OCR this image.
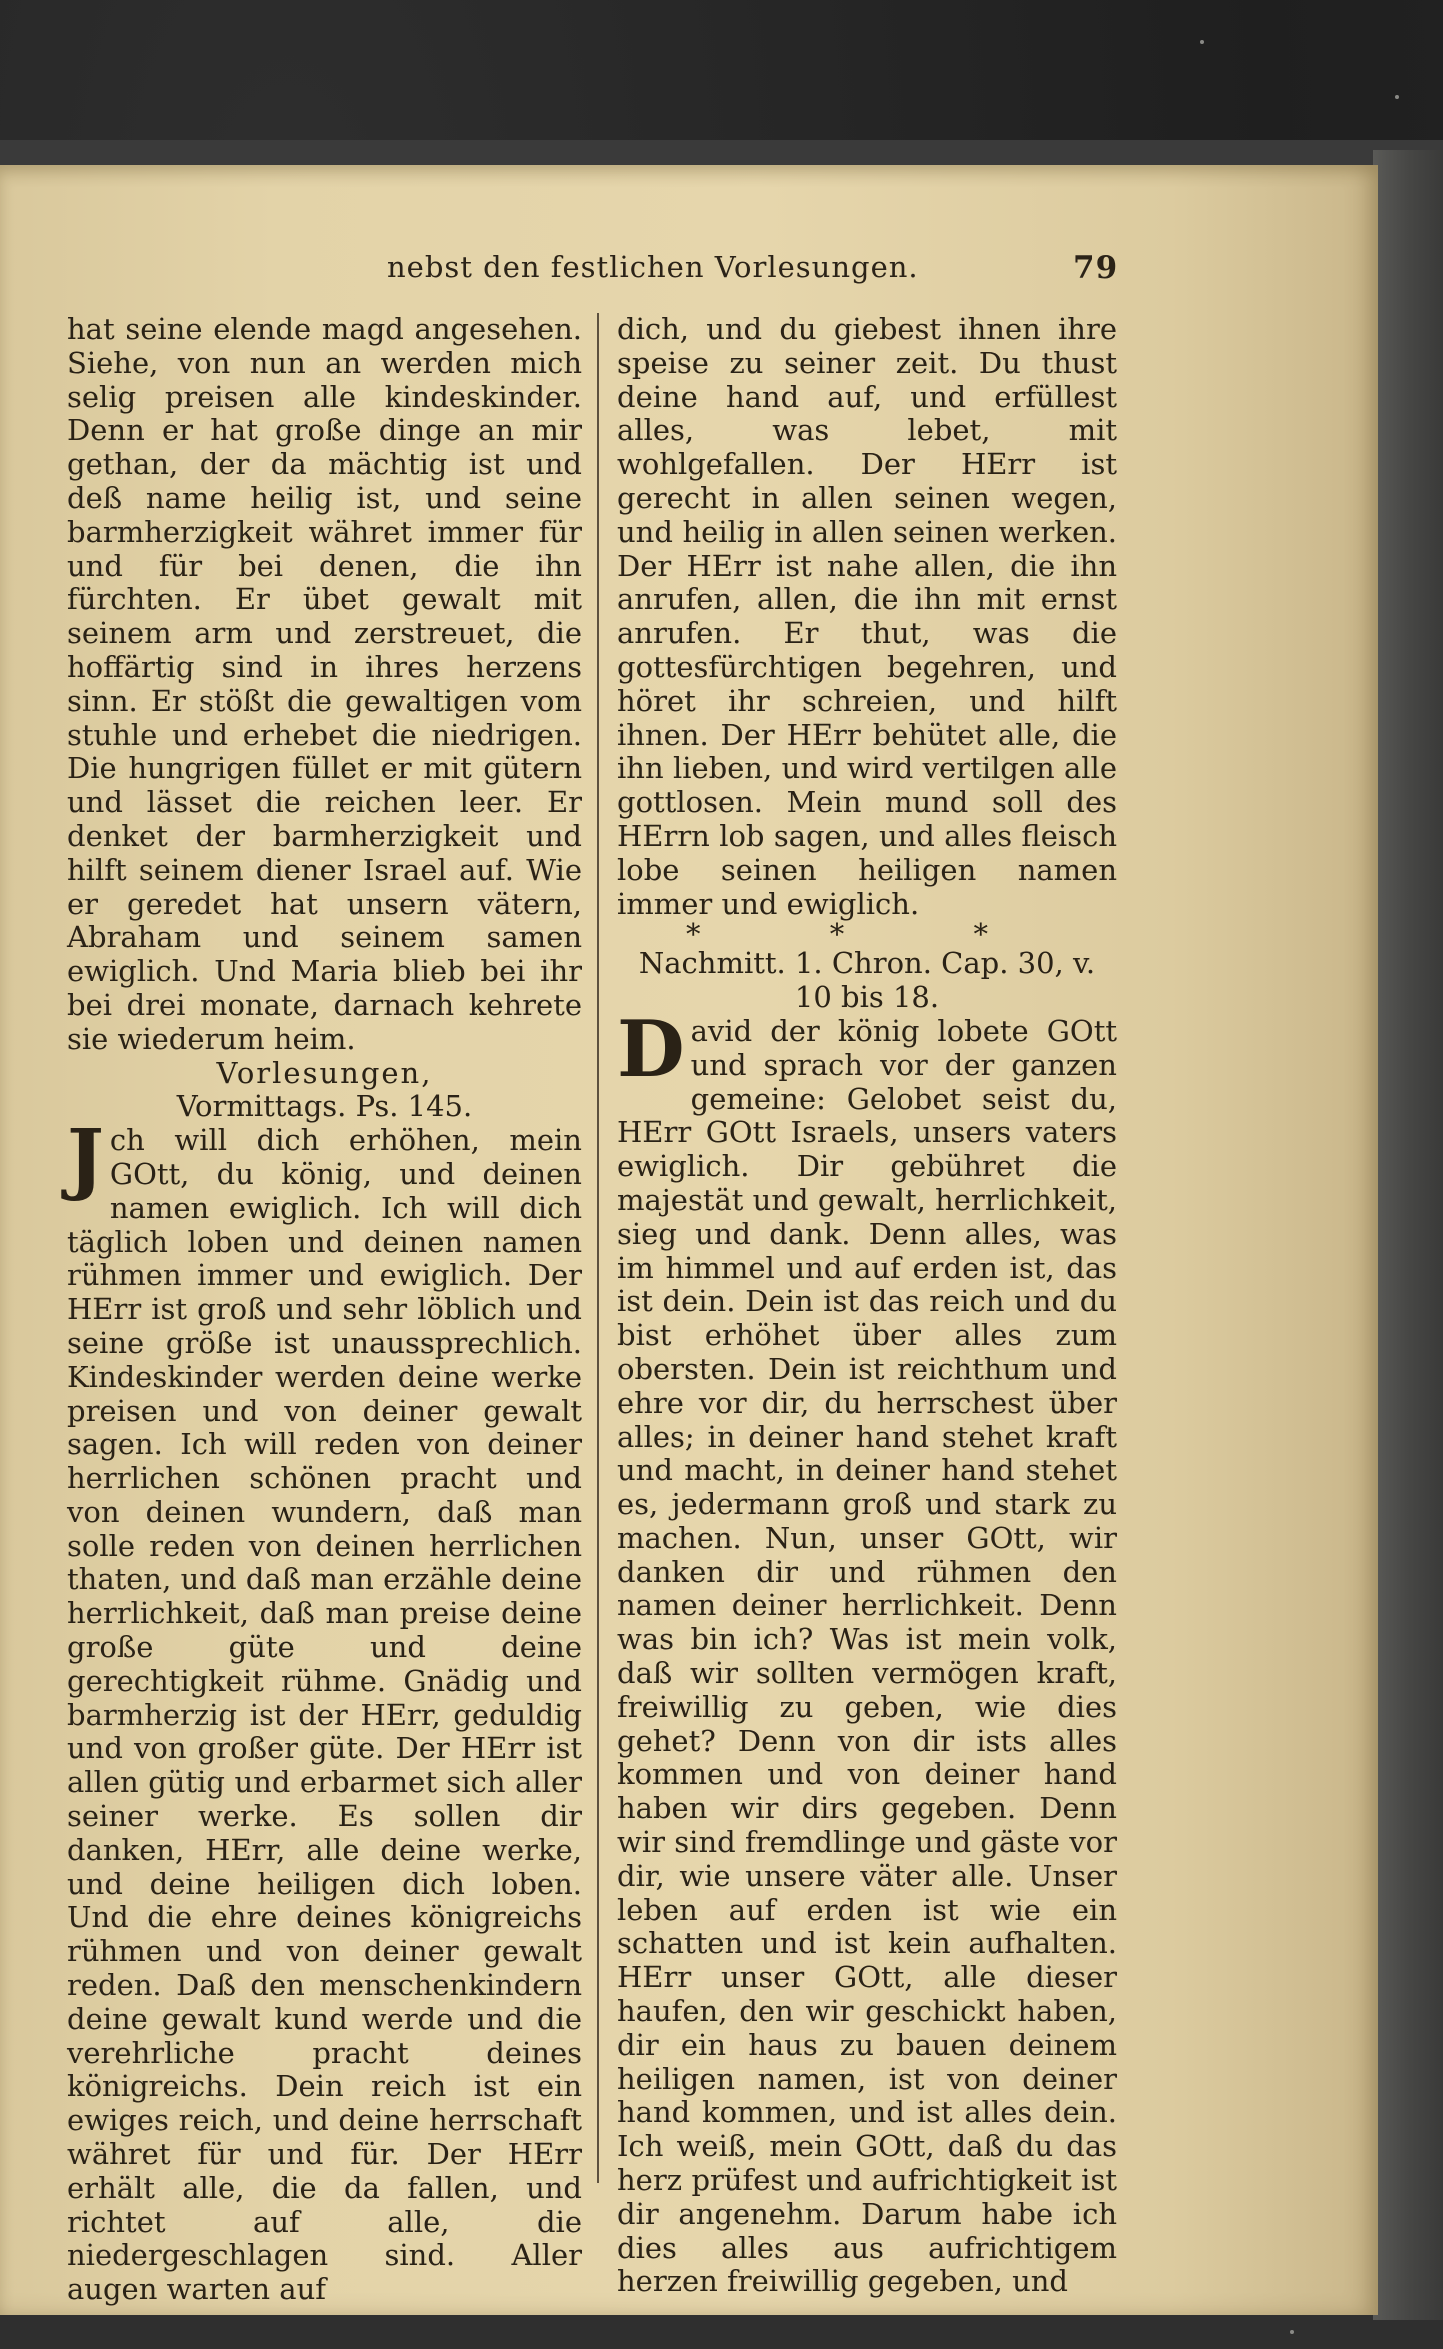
nebst den festlichen Vorlesungen.	79

hat seine elende magd angesehen. Siehe, von nun an werden mich selig preisen alle kindeskinder. Denn er hat große dinge an mir gethan, der da mächtig ist und deß name heilig ist, und seine barmherzigkeit währet immer für und für bei denen, die ihn fürchten. Er übet gewalt mit seinem arm und zerstreuet, die hoffärtig sind in ihres herzens sinn. Er stößt die gewaltigen vom stuhle und erhebet die niedrigen. Die hungrigen füllet er mit gütern und lässet die reichen leer. Er denket der barmherzigkeit und hilft seinem diener Israel auf. Wie er geredet hat unsern vätern, Abraham und seinem samen ewiglich. Und Maria blieb bei ihr bei drei monate, darnach kehrete sie wiederum heim.

Vorlesungen,

Vormittags. Ps. 145.

Jch will dich erhöhen, mein GOtt, du könig, und deinen namen ewiglich. Ich will dich täglich loben und deinen namen rühmen immer und ewiglich. Der HErr ist groß und sehr löblich und seine größe ist unaussprechlich. Kindeskinder werden deine werke preisen und von deiner gewalt sagen. Ich will reden von deiner herrlichen schönen pracht und von deinen wundern, daß man solle reden von deinen herrlichen thaten, und daß man erzähle deine herrlichkeit, daß man preise deine große güte und deine gerechtigkeit rühme. Gnädig und barmherzig ist der HErr, geduldig und von großer güte. Der HErr ist allen gütig und erbarmet sich aller seiner werke. Es sollen dir danken, HErr, alle deine werke, und deine heiligen dich loben. Und die ehre deines königreichs rühmen und von deiner gewalt reden. Daß den menschenkindern deine gewalt kund werde und die verehrliche pracht deines königreichs. Dein reich ist ein ewiges reich, und deine herrschaft währet für und für. Der HErr erhält alle, die da fallen, und richtet auf alle, die niedergeschlagen sind. Aller augen warten auf

dich, und du giebest ihnen ihre speise zu seiner zeit. Du thust deine hand auf, und erfüllest alles, was lebet, mit wohlgefallen. Der HErr ist gerecht in allen seinen wegen, und heilig in allen seinen werken. Der HErr ist nahe allen, die ihn anrufen, allen, die ihn mit ernst anrufen. Er thut, was die gottesfürchtigen begehren, und höret ihr schreien, und hilft ihnen. Der HErr behütet alle, die ihn lieben, und wird vertilgen alle gottlosen. Mein mund soll des HErrn lob sagen, und alles fleisch lobe seinen heiligen namen immer und ewiglich.

* * *

Nachmitt. 1. Chron. Cap. 30, v. 10 bis 18.

David der könig lobete GOtt und sprach vor der ganzen gemeine: Gelobet seist du, HErr GOtt Israels, unsers vaters ewiglich. Dir gebühret die majestät und gewalt, herrlichkeit, sieg und dank. Denn alles, was im himmel und auf erden ist, das ist dein. Dein ist das reich und du bist erhöhet über alles zum obersten. Dein ist reichthum und ehre vor dir, du herrschest über alles; in deiner hand stehet kraft und macht, in deiner hand stehet es, jedermann groß und stark zu machen. Nun, unser GOtt, wir danken dir und rühmen den namen deiner herrlichkeit. Denn was bin ich? Was ist mein volk, daß wir sollten vermögen kraft, freiwillig zu geben, wie dies gehet? Denn von dir ists alles kommen und von deiner hand haben wir dirs gegeben. Denn wir sind fremdlinge und gäste vor dir, wie unsere väter alle. Unser leben auf erden ist wie ein schatten und ist kein aufhalten. HErr unser GOtt, alle dieser haufen, den wir geschickt haben, dir ein haus zu bauen deinem heiligen namen, ist von deiner hand kommen, und ist alles dein. Ich weiß, mein GOtt, daß du das herz prüfest und aufrichtigkeit ist dir angenehm. Darum habe ich dies alles aus aufrichtigem herzen freiwillig gegeben, und
